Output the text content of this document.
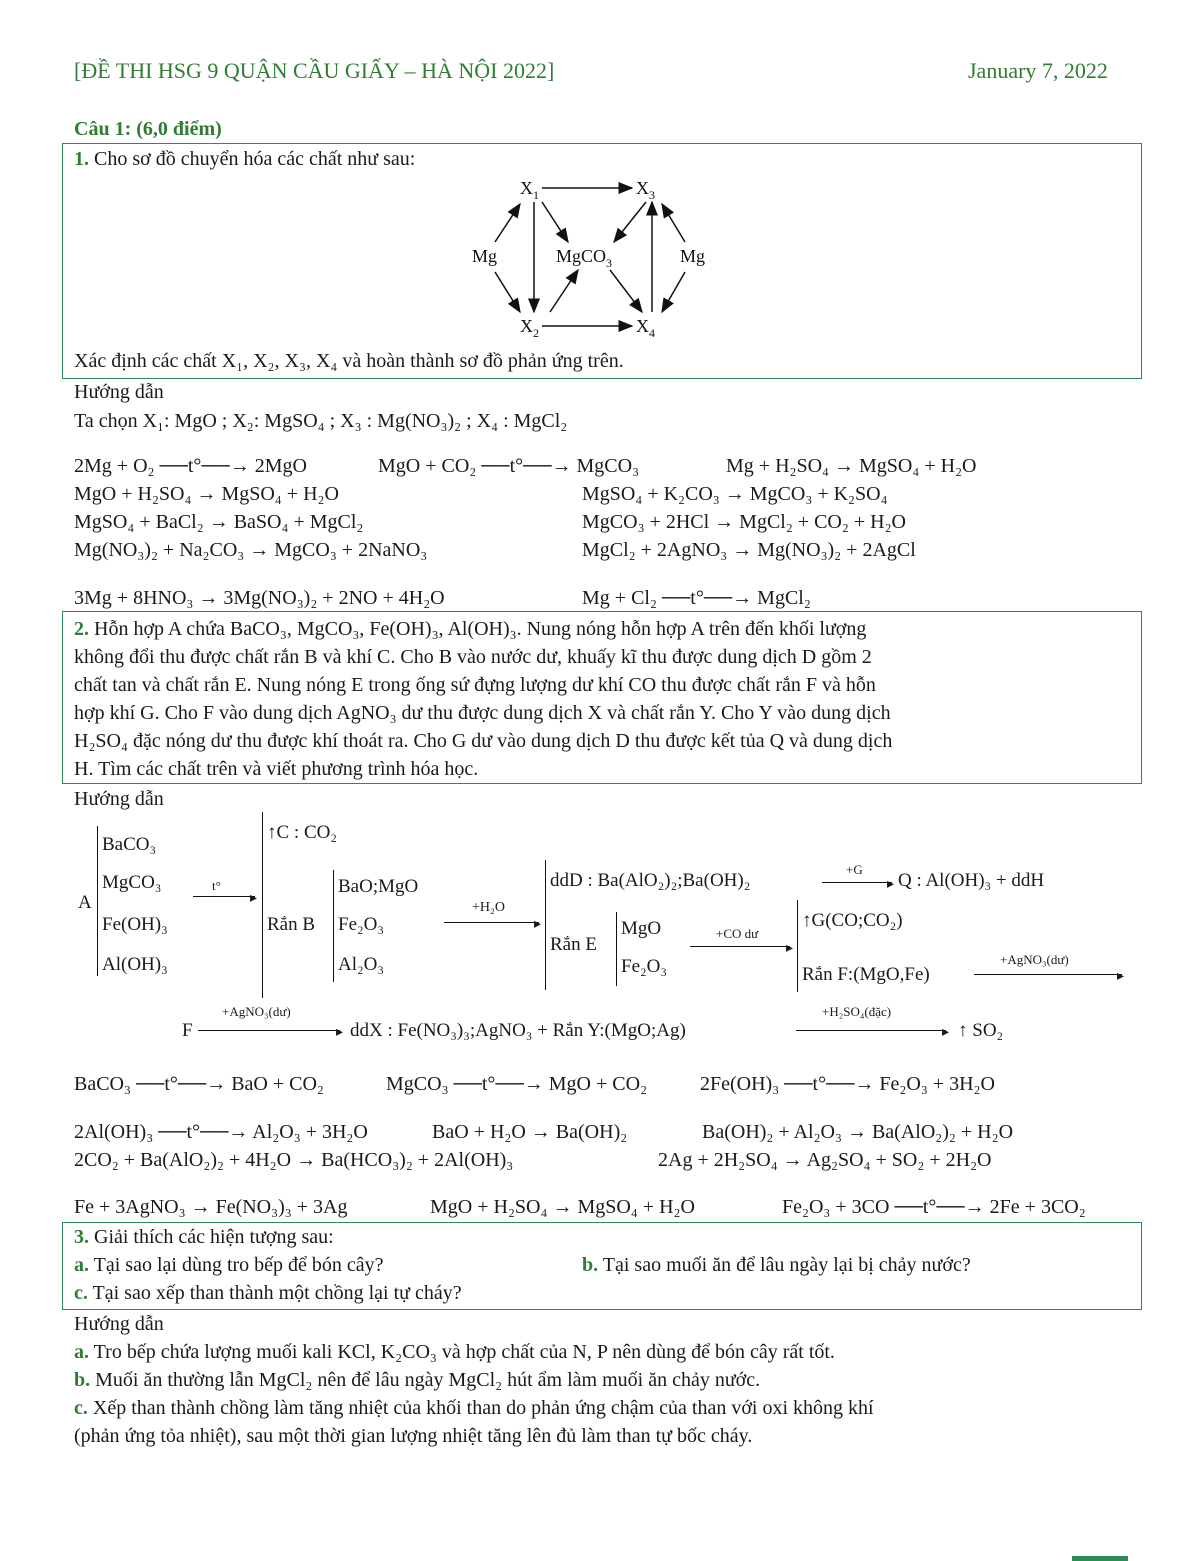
[ĐỀ THI HSG 9 QUẬN CẦU GIẤY – HÀ NỘI 2022]	January 7, 2022
Câu 1: (6,0 điểm)
1. Cho sơ đồ chuyển hóa các chất như sau:
$X_1$	$X_3$
$X_2$	$X_4$
Mg	Mg
MgCO$_3$
Xác định các chất X₁, X₂, X₃, X₄ và hoàn thành sơ đồ phản ứng trên.
Hướng dẫn
Ta chọn X₁: MgO ; X₂: MgSO₄ ; X₃ : Mg(NO₃)₂ ; X₄ : MgCl₂
2Mg + O₂ ──t°──→ 2MgO	MgO + CO₂ ──t°──→ MgCO₃	Mg + H₂SO₄ → MgSO₄ + H₂O
MgO + H₂SO₄ → MgSO₄ + H₂O	MgSO₄ + K₂CO₃ → MgCO₃ + K₂SO₄
MgSO₄ + BaCl₂ → BaSO₄ + MgCl₂	MgCO₃ + 2HCl → MgCl₂ + CO₂ + H₂O
Mg(NO₃)₂ + Na₂CO₃ → MgCO₃ + 2NaNO₃	MgCl₂ + 2AgNO₃ → Mg(NO₃)₂ + 2AgCl
3Mg + 8HNO₃ → 3Mg(NO₃)₂ + 2NO + 4H₂O	Mg + Cl₂ ──t°──→ MgCl₂
2. Hỗn hợp A chứa BaCO₃, MgCO₃, Fe(OH)₃, Al(OH)₃. Nung nóng hỗn hợp A trên đến khối lượng
không đổi thu được chất rắn B và khí C. Cho B vào nước dư, khuấy kĩ thu được dung dịch D gồm 2
chất tan và chất rắn E. Nung nóng E trong ống sứ đựng lượng dư khí CO thu được chất rắn F và hỗn
hợp khí G. Cho F vào dung dịch AgNO₃ dư thu được dung dịch X và chất rắn Y. Cho Y vào dung dịch
H₂SO₄ đặc nóng dư thu được khí thoát ra. Cho G dư vào dung dịch D thu được kết tủa Q và dung dịch
H. Tìm các chất trên và viết phương trình hóa học.
Hướng dẫn
A
BaCO₃
MgCO₃
Fe(OH)₃
Al(OH)₃
t°
▸
↑C : CO₂
Rắn B
BaO;MgO
Fe₂O₃
Al₂O₃
+H₂O
▸
ddD : Ba(AlO₂)₂;Ba(OH)₂
+G
▸ Q : Al(OH)₃ + ddH
Rắn E
MgO
Fe₂O₃
+CO dư
▸
↑G(CO;CO₂)
Rắn F:(MgO,Fe)
+AgNO₃(dư)
▸
F
+AgNO₃(dư)
▸ ddX : Fe(NO₃)₃;AgNO₃ + Rắn Y:(MgO;Ag)
+H₂SO₄(đặc)
▸ ↑ SO₂
BaCO₃ ──t°──→ BaO + CO₂	MgCO₃ ──t°──→ MgO + CO₂	2Fe(OH)₃ ──t°──→ Fe₂O₃ + 3H₂O
2Al(OH)₃ ──t°──→ Al₂O₃ + 3H₂O	BaO + H₂O → Ba(OH)₂	Ba(OH)₂ + Al₂O₃ → Ba(AlO₂)₂ + H₂O
2CO₂ + Ba(AlO₂)₂ + 4H₂O → Ba(HCO₃)₂ + 2Al(OH)₃	2Ag + 2H₂SO₄ → Ag₂SO₄ + SO₂ + 2H₂O
Fe + 3AgNO₃ → Fe(NO₃)₃ + 3Ag	MgO + H₂SO₄ → MgSO₄ + H₂O	Fe₂O₃ + 3CO ──t°──→ 2Fe + 3CO₂
3. Giải thích các hiện tượng sau:
a. Tại sao lại dùng tro bếp để bón cây?	b. Tại sao muối ăn để lâu ngày lại bị chảy nước?
c. Tại sao xếp than thành một chồng lại tự cháy?
Hướng dẫn
a. Tro bếp chứa lượng muối kali KCl, K₂CO₃ và hợp chất của N, P nên dùng để bón cây rất tốt.
b. Muối ăn thường lẫn MgCl₂ nên để lâu ngày MgCl₂ hút ẩm làm muối ăn chảy nước.
c. Xếp than thành chồng làm tăng nhiệt của khối than do phản ứng chậm của than với oxi không khí
(phản ứng tỏa nhiệt), sau một thời gian lượng nhiệt tăng lên đủ làm than tự bốc cháy.
